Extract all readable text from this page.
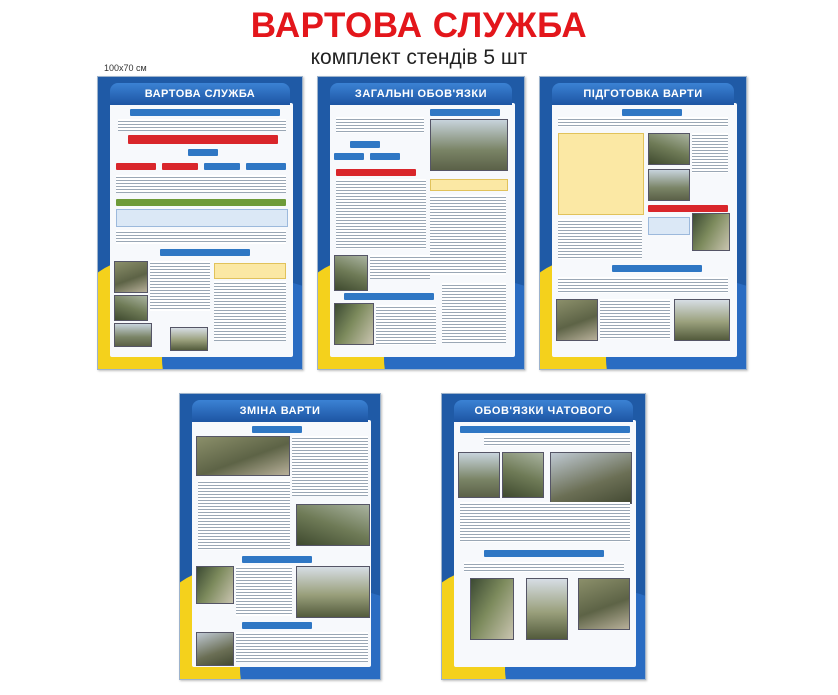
ВАРТОВА СЛУЖБА
комплект стендів 5 шт
100х70 см
ВАРТОВА СЛУЖБА	ЗАГАЛЬНІ ОБОВ'ЯЗКИ	ПІДГОТОВКА ВАРТИ
ЗМІНА ВАРТИ	ОБОВ'ЯЗКИ ЧАТОВОГО
